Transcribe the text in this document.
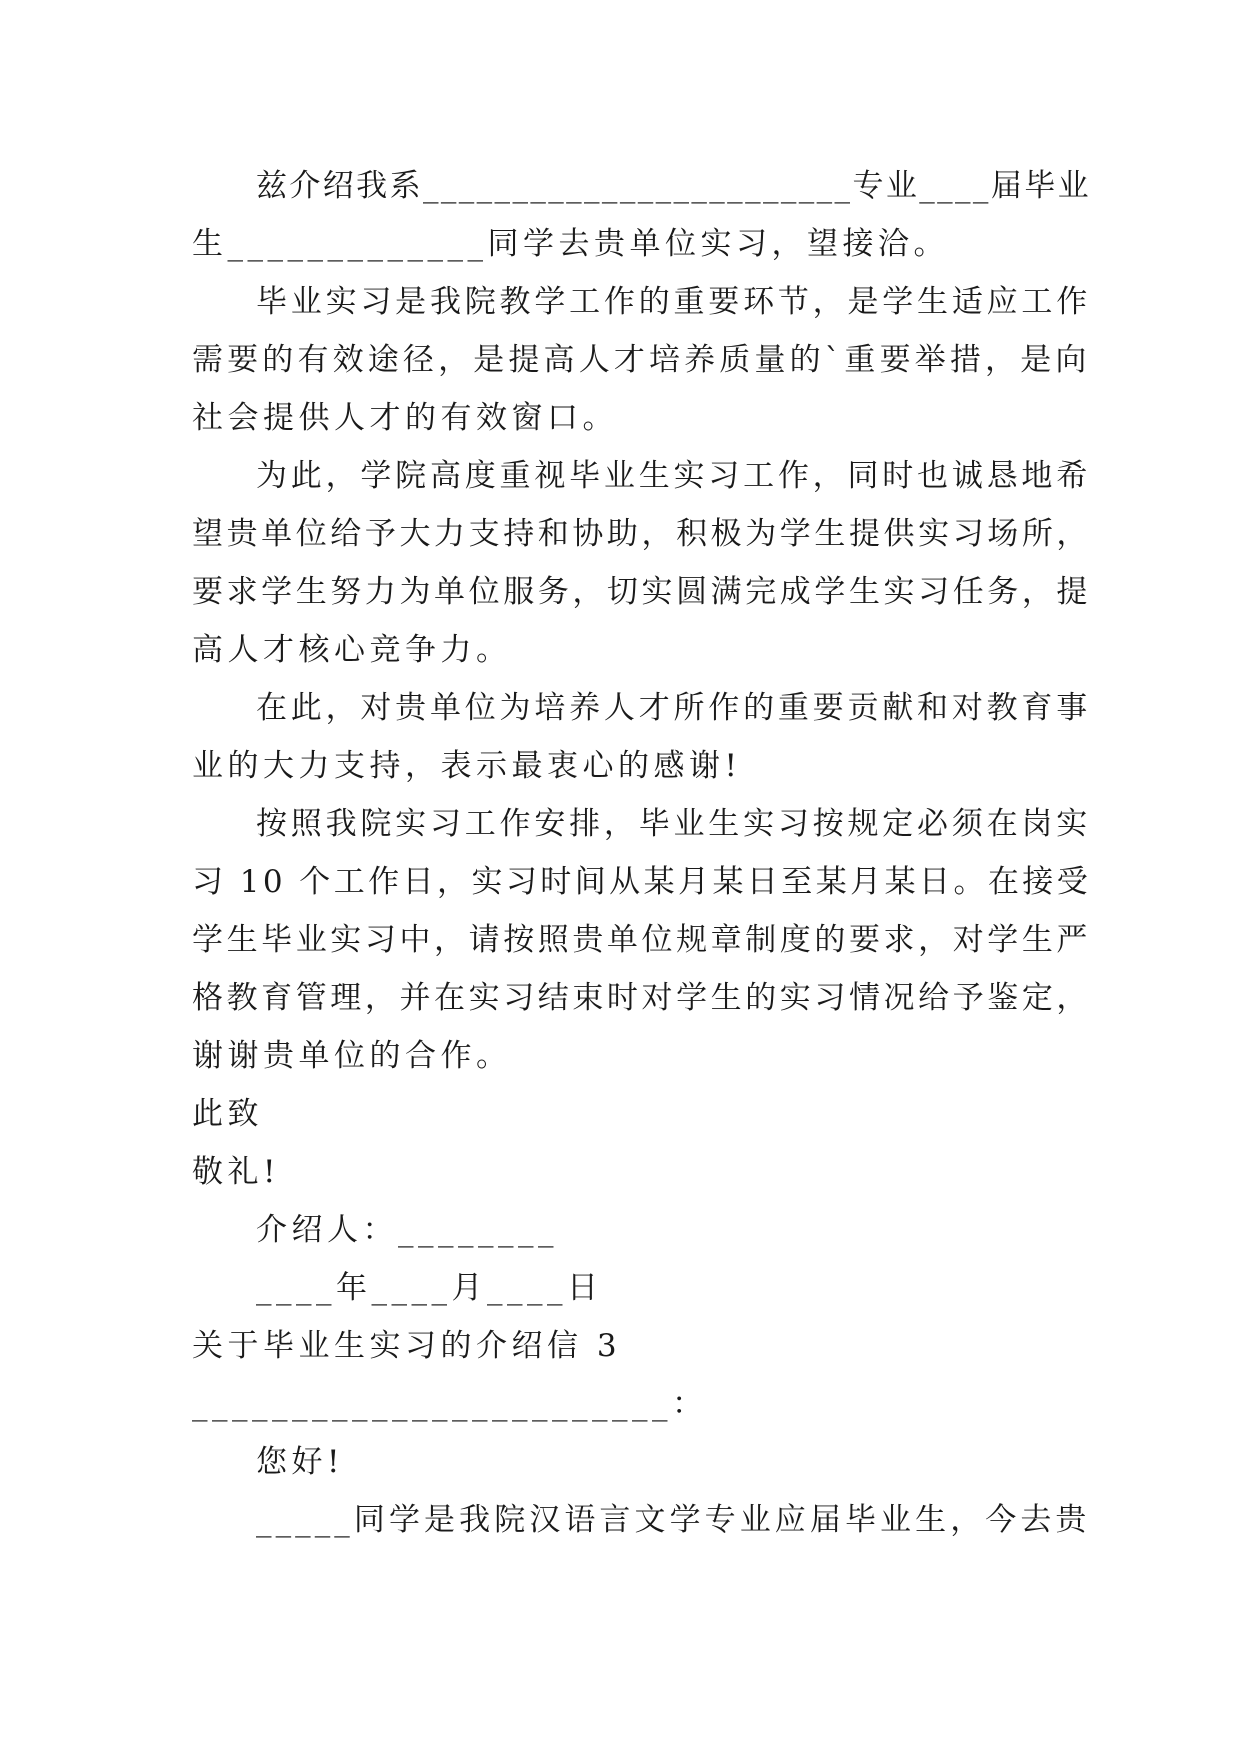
兹介绍我系________________________专业____届毕业
生_____________同学去贵单位实习，望接洽。
毕业实习是我院教学工作的重要环节，是学生适应工作
需要的有效途径，是提高人才培养质量的`重要举措，是向
社会提供人才的有效窗口。
为此，学院高度重视毕业生实习工作，同时也诚恳地希
望贵单位给予大力支持和协助，积极为学生提供实习场所，
要求学生努力为单位服务，切实圆满完成学生实习任务，提
高人才核心竞争力。
在此，对贵单位为培养人才所作的重要贡献和对教育事
业的大力支持，表示最衷心的感谢!
按照我院实习工作安排，毕业生实习按规定必须在岗实
习 10 个工作日，实习时间从某月某日至某月某日。在接受
学生毕业实习中，请按照贵单位规章制度的要求，对学生严
格教育管理，并在实习结束时对学生的实习情况给予鉴定，
谢谢贵单位的合作。
此致
敬礼!
介绍人：________
____年____月____日
关于毕业生实习的介绍信 3
________________________：
您好!
_____同学是我院汉语言文学专业应届毕业生，今去贵
